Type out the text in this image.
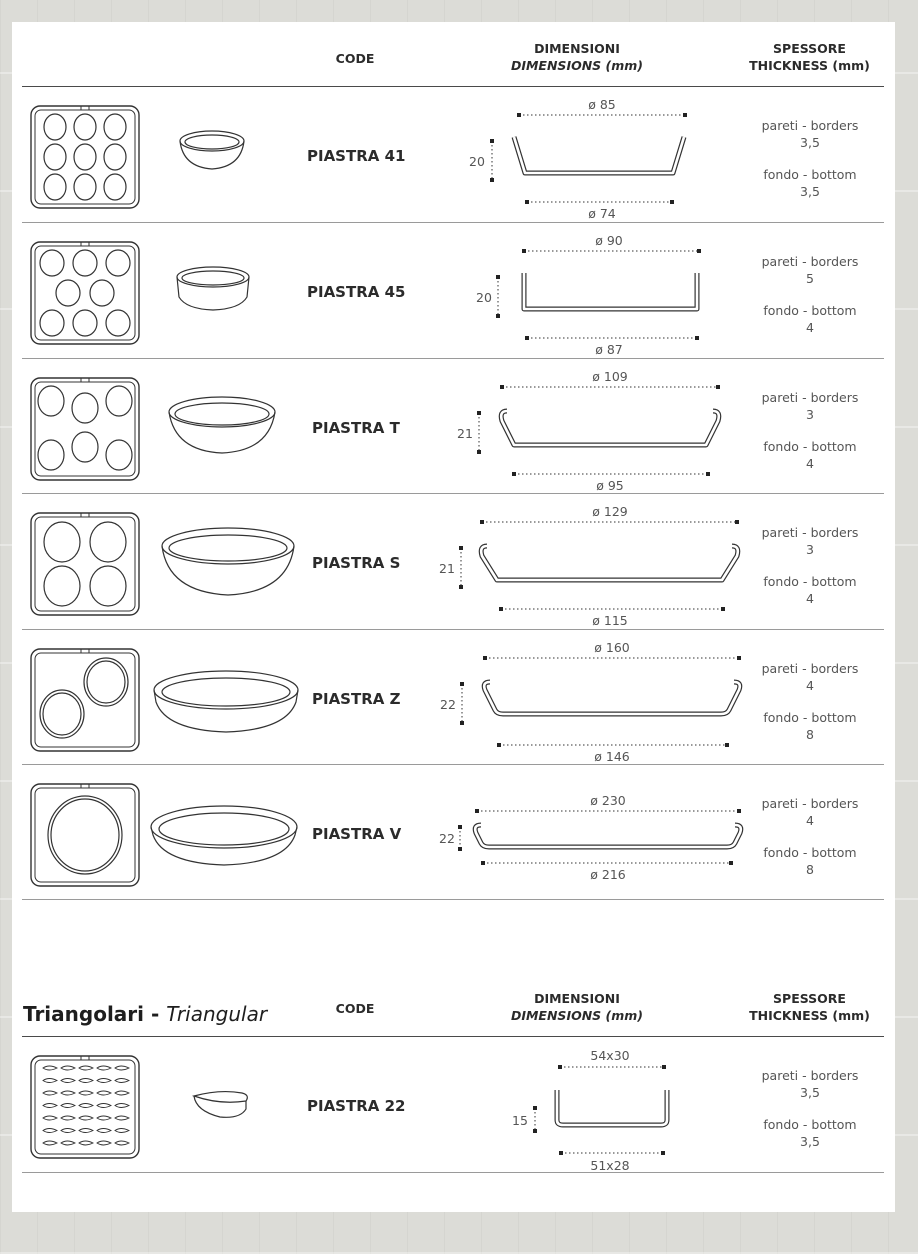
CODE
DIMENSIONI
DIMENSIONS (mm)
SPESSORE
THICKNESS (mm)
PIASTRA 41
ø 85
20
ø 74
pareti - borders
3,5
fondo - bottom
3,5
PIASTRA 45
ø 90
20
ø 87
pareti - borders
5
fondo - bottom
4
PIASTRA T
ø 109
21
ø 95
pareti - borders
3
fondo - bottom
4
PIASTRA S
ø 129
21
ø 115
pareti - borders
3
fondo - bottom
4
PIASTRA Z
ø 160
22
ø 146
pareti - borders
4
fondo - bottom
8
PIASTRA V
ø 230
22
ø 216
pareti - borders
4
fondo - bottom
8
Triangolari - Triangular	CODE
DIMENSIONI
DIMENSIONS (mm)
SPESSORE
THICKNESS (mm)
PIASTRA 22
54x30
15
51x28
pareti - borders
3,5
fondo - bottom
3,5
